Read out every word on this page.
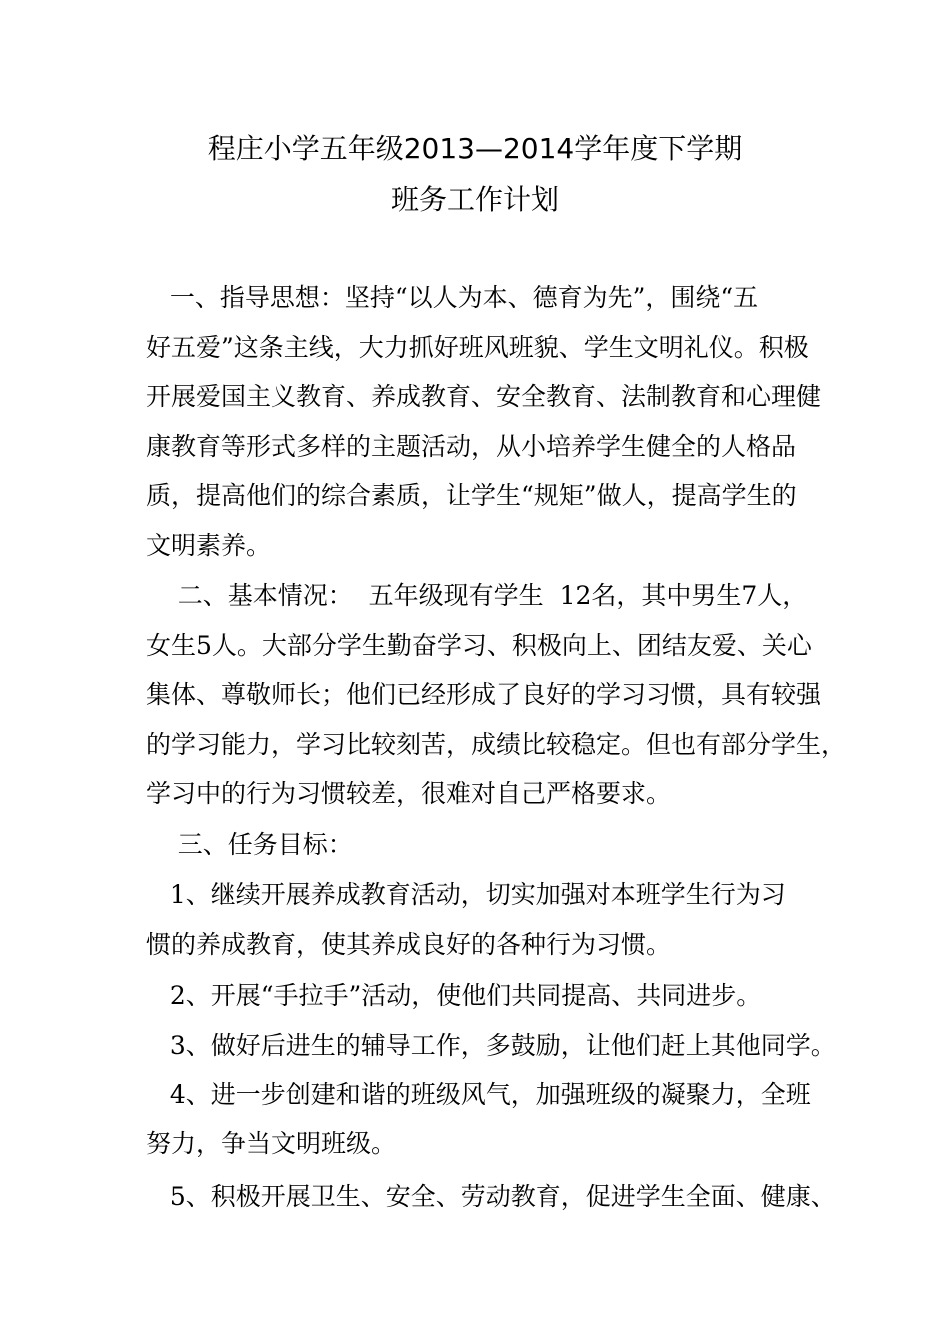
程庄小学五年级2013—2014学年度下学期
班务工作计划
一、指导思想：坚持“以人为本、德育为先”，围绕“五
好五爱”这条主线，大力抓好班风班貌、学生文明礼仪。积极
开展爱国主义教育、养成教育、安全教育、法制教育和心理健
康教育等形式多样的主题活动，从小培养学生健全的人格品
质，提高他们的综合素质，让学生“规矩”做人，提高学生的
文明素养。
二、基本情况：  五年级现有学生  12名，其中男生7人，
女生5人。大部分学生勤奋学习、积极向上、团结友爱、关心
集体、尊敬师长；他们已经形成了良好的学习习惯，具有较强
的学习能力，学习比较刻苦，成绩比较稳定。但也有部分学生，
学习中的行为习惯较差，很难对自己严格要求。
三、任务目标：
1、继续开展养成教育活动，切实加强对本班学生行为习
惯的养成教育，使其养成良好的各种行为习惯。
2、开展“手拉手”活动，使他们共同提高、共同进步。
3、做好后进生的辅导工作，多鼓励，让他们赶上其他同学。
4、进一步创建和谐的班级风气，加强班级的凝聚力，全班
努力，争当文明班级。
5、积极开展卫生、安全、劳动教育，促进学生全面、健康、
